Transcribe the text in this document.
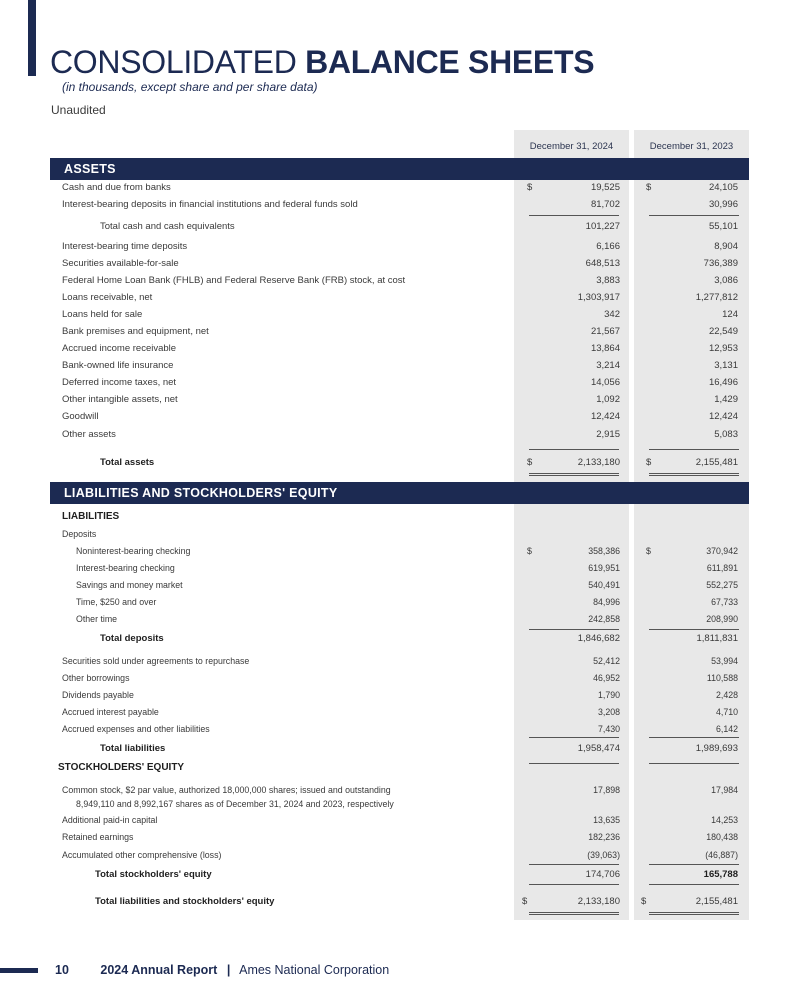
CONSOLIDATED BALANCE SHEETS
(in thousands, except share and per share data)
Unaudited
December 31, 2024	December 31, 2023
ASSETS
Cash and due from banks	$	19,525	$	24,105
Interest-bearing deposits in financial institutions and federal funds sold	81,702	30,996
Total cash and cash equivalents	101,227	55,101
Interest-bearing time deposits	6,166	8,904
Securities available-for-sale	648,513	736,389
Federal Home Loan Bank (FHLB) and Federal Reserve Bank (FRB) stock, at cost	3,883	3,086
Loans receivable, net	1,303,917	1,277,812
Loans held for sale	342	124
Bank premises and equipment, net	21,567	22,549
Accrued income receivable	13,864	12,953
Bank-owned life insurance	3,214	3,131
Deferred income taxes, net	14,056	16,496
Other intangible assets, net	1,092	1,429
Goodwill	12,424	12,424
Other assets	2,915	5,083
Total assets	$	2,133,180	$	2,155,481
LIABILITIES AND STOCKHOLDERS' EQUITY
LIABILITIES
Deposits
Noninterest-bearing checking	$	358,386	$	370,942
Interest-bearing checking	619,951	611,891
Savings and money market	540,491	552,275
Time, $250 and over	84,996	67,733
Other time	242,858	208,990
Total deposits	1,846,682	1,811,831
Securities sold under agreements to repurchase	52,412	53,994
Other borrowings	46,952	110,588
Dividends payable	1,790	2,428
Accrued interest payable	3,208	4,710
Accrued expenses and other liabilities	7,430	6,142
Total liabilities	1,958,474	1,989,693
STOCKHOLDERS' EQUITY
Common stock, $2 par value, authorized 18,000,000 shares; issued and outstanding	17,898	17,984
8,949,110 and 8,992,167 shares as of December 31, 2024 and 2023, respectively
Additional paid-in capital	13,635	14,253
Retained earnings	182,236	180,438
Accumulated other comprehensive (loss)	(39,063)	(46,887)
Total stockholders' equity	174,706	165,788
Total liabilities and stockholders' equity	$	2,133,180 $	2,155,481
10	2024 Annual Report | Ames National Corporation
